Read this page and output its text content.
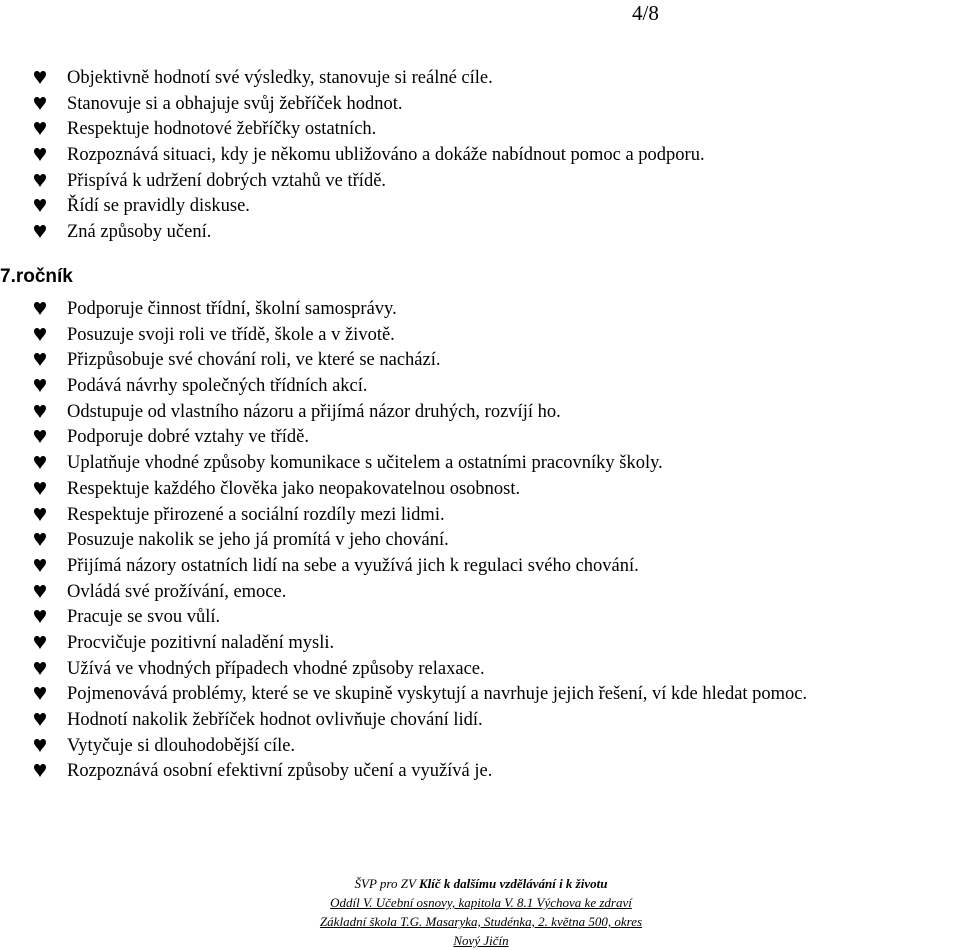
4/8
Objektivně hodnotí své výsledky, stanovuje si reálné cíle.
Stanovuje si a obhajuje svůj žebříček hodnot.
Respektuje hodnotové žebříčky ostatních.
Rozpoznává situaci, kdy je někomu ubližováno a dokáže nabídnout pomoc a podporu.
Přispívá k udržení dobrých vztahů ve třídě.
Řídí se pravidly diskuse.
Zná způsoby učení.
7.ročník
Podporuje činnost třídní, školní samosprávy.
Posuzuje svoji roli ve třídě, škole a v životě.
Přizpůsobuje své chování roli, ve které se nachází.
Podává návrhy společných třídních akcí.
Odstupuje od vlastního názoru a přijímá názor druhých, rozvíjí ho.
Podporuje dobré vztahy ve třídě.
Uplatňuje vhodné způsoby komunikace s učitelem a ostatními pracovníky školy.
Respektuje každého člověka jako neopakovatelnou osobnost.
Respektuje přirozené a sociální rozdíly mezi lidmi.
Posuzuje nakolik se jeho já promítá v jeho chování.
Přijímá názory ostatních lidí na sebe a využívá jich k regulaci svého chování.
Ovládá své prožívání, emoce.
Pracuje se svou vůlí.
Procvičuje pozitivní naladění mysli.
Užívá ve vhodných případech vhodné způsoby relaxace.
Pojmenovává problémy, které se ve skupině vyskytují a navrhuje jejich řešení, ví kde hledat pomoc.
Hodnotí nakolik žebříček hodnot ovlivňuje chování lidí.
Vytyčuje si dlouhodobější cíle.
Rozpoznává osobní efektivní způsoby učení a využívá je.
ŠVP pro ZV Klíč k dalšímu vzdělávání i k životu
Oddíl V. Učební osnovy, kapitola V. 8.1 Výchova ke zdraví
Základní škola T.G. Masaryka, Studénka, 2. května 500, okres Nový Jičín
